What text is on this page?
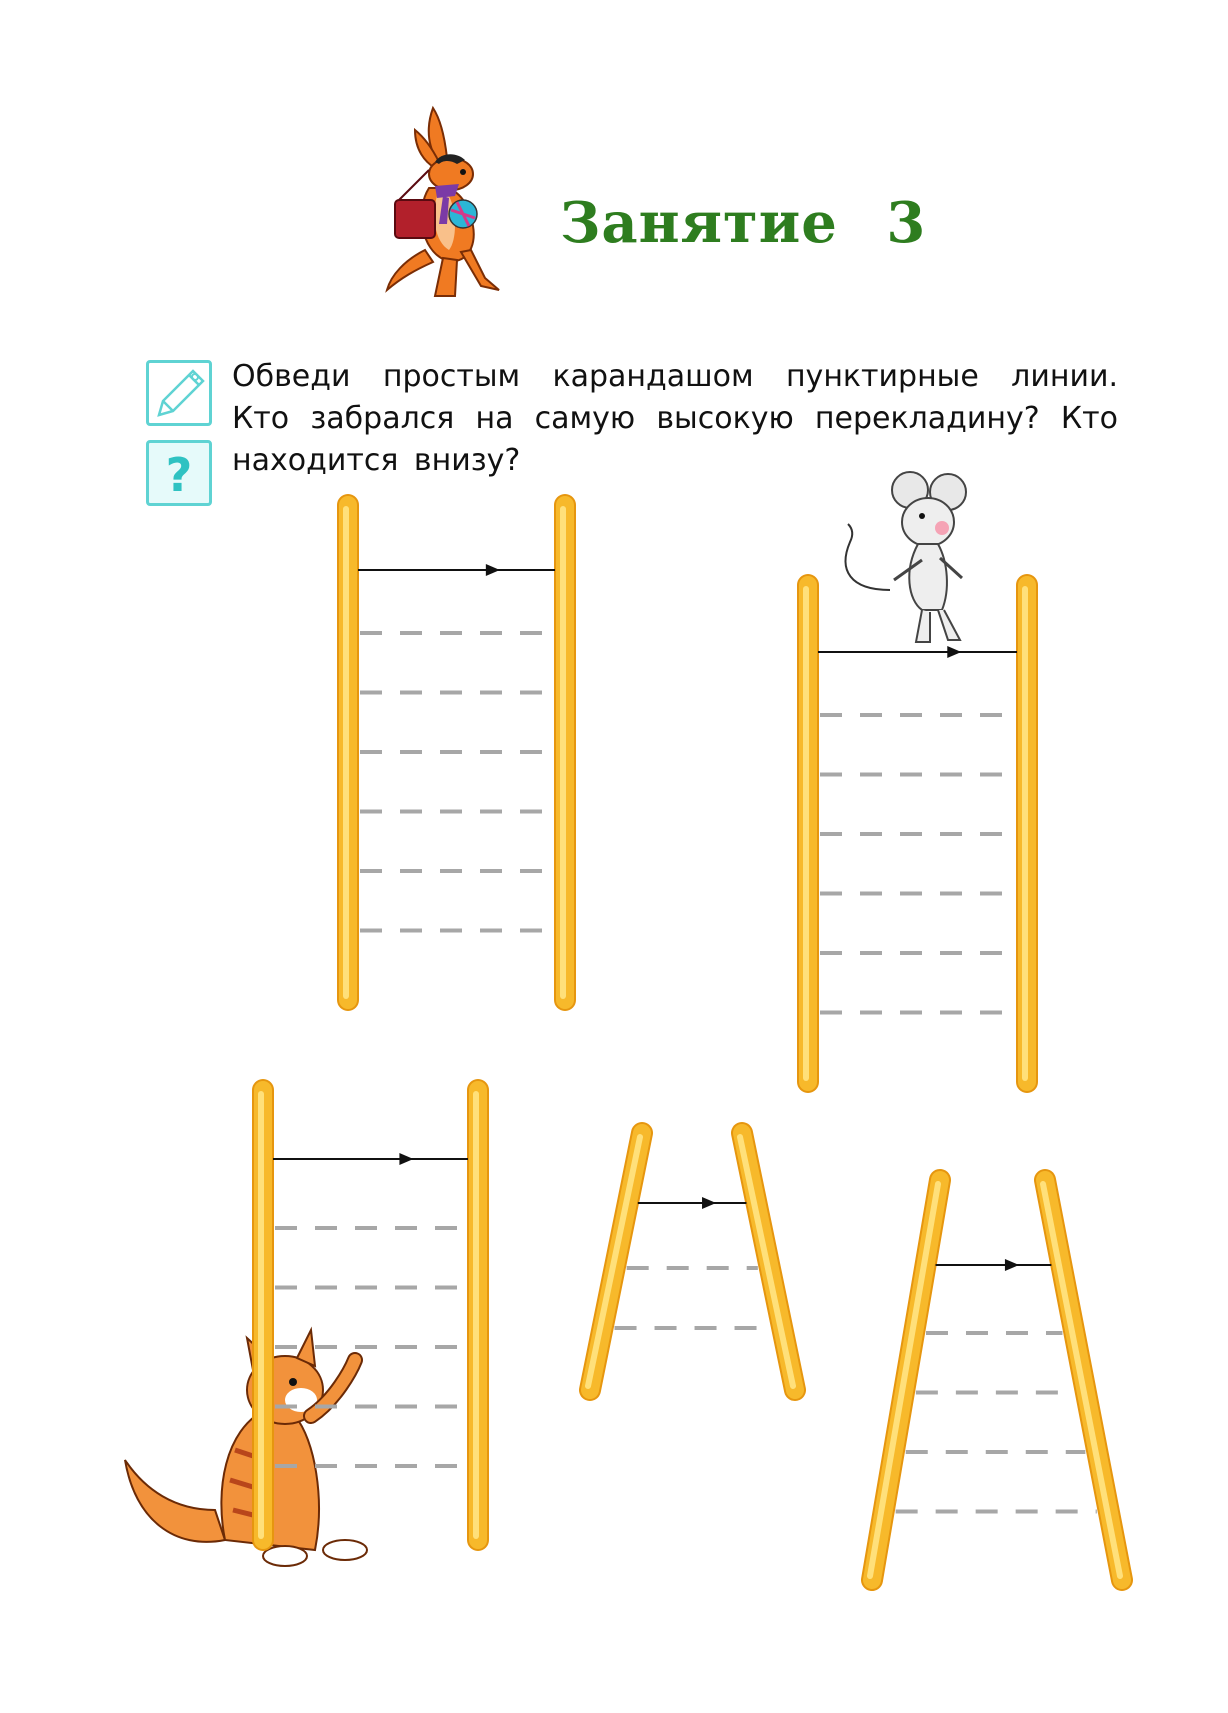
Занятие 3
?
Обведи простым карандашом пунктирные линии. Кто забрался на самую высокую перекладину? Кто находится внизу?
